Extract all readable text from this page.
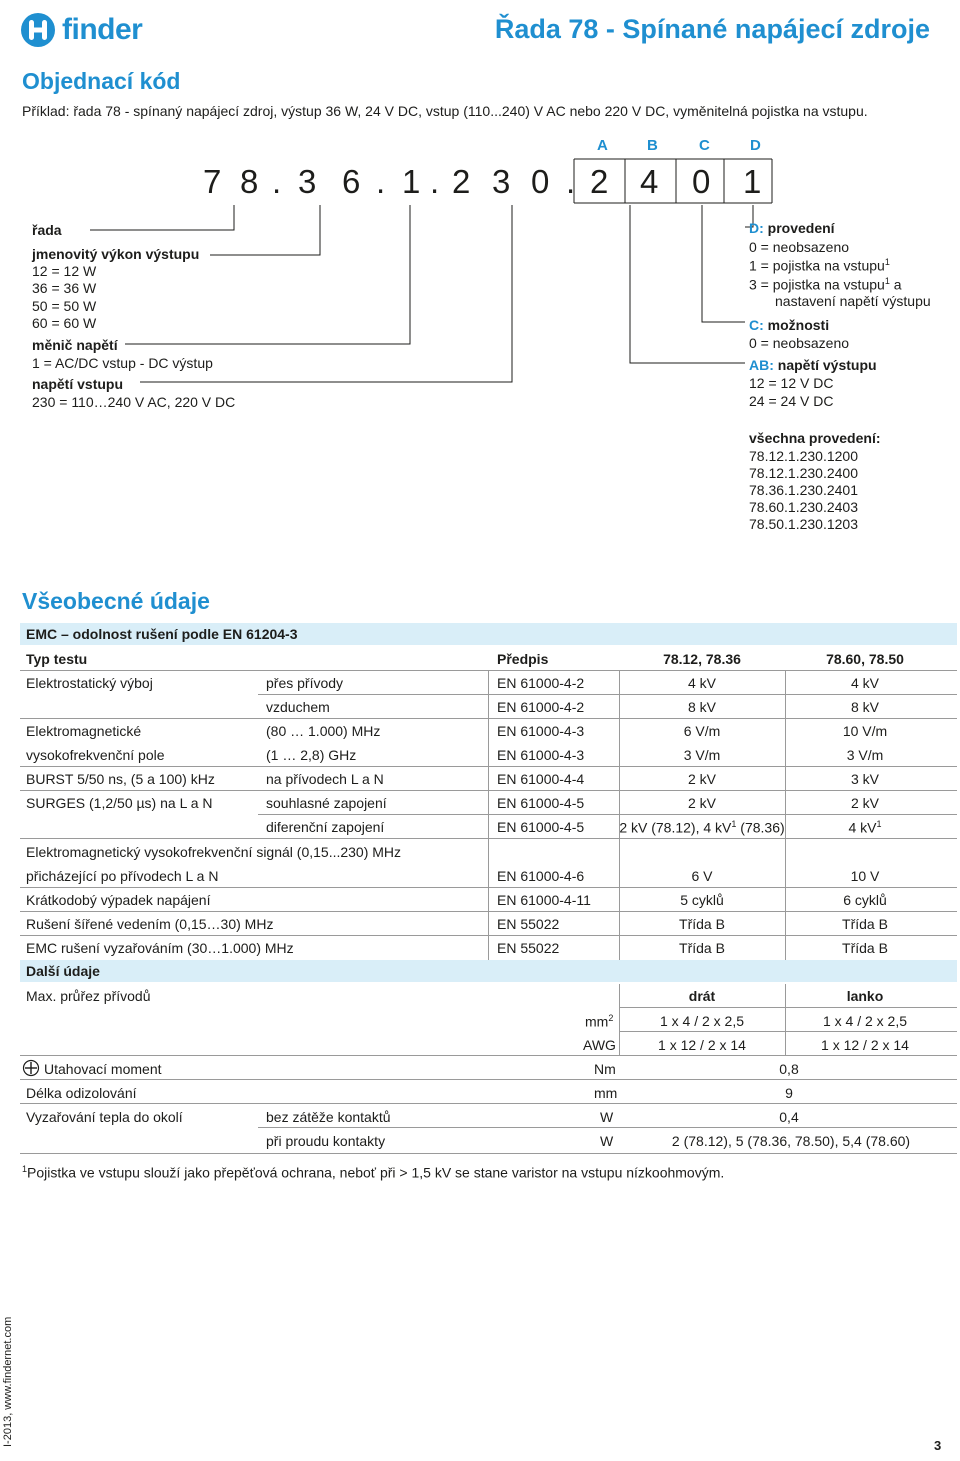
finder	Řada 78 - Spínané napájecí zdroje
Objednací kód
Příklad: řada 78 - spínaný napájecí zdroj, výstup 36 W, 24 V DC, vstup (110...240) V AC nebo 220 V DC, vyměnitelná pojistka na vstupu.
A	B	C	D
7 8 . 3 6 . 1 . 2 3 0 . 2 4 0 1
řada
jmenovitý výkon výstupu
12 = 12 W
36 = 36 W
50 = 50 W
60 = 60 W
měnič napětí
1 = AC/DC vstup - DC výstup
napětí vstupu
230 = 110…240 V AC, 220 V DC
D: provedení
0 = neobsazeno
1 = pojistka na vstupu$^1$
3 = pojistka na vstupu$^1$ a
nastavení napětí výstupu
C: možnosti
0 = neobsazeno
AB: napětí výstupu
12 = 12 V DC
24 = 24 V DC
všechna provedení:
78.12.1.230.1200
78.12.1.230.2400
78.36.1.230.2401
78.60.1.230.2403
78.50.1.230.1203
Všeobecné údaje
EMC – odolnost rušení podle EN 61204-3
Typ testu	Předpis	78.12, 78.36	78.60, 78.50
Elektrostatický výboj	přes přívody	EN 61000-4-2	4 kV	4 kV
vzduchem	EN 61000-4-2	8 kV	8 kV
Elektromagnetické	(80 … 1.000) MHz	EN 61000-4-3	6 V/m	10 V/m
vysokofrekvenční pole	(1 … 2,8) GHz	EN 61000-4-3	3 V/m	3 V/m
BURST 5/50 ns, (5 a 100) kHz	na přívodech L a N	EN 61000-4-4	2 kV	3 kV
SURGES (1,2/50 µs) na L a N	souhlasné zapojení	EN 61000-4-5	2 kV	2 kV
diferenční zapojení	EN 61000-4-5	2 kV (78.12), 4 $kV^1$ (78.36)	4 $kV^1$
Elektromagnetický vysokofrekvenční signál (0,15...230) MHz
přicházející po přívodech L a N	EN 61000-4-6	6 V	10 V
Krátkodobý výpadek napájení	EN 61000-4-11	5 cyklů	6 cyklů
Rušení šířené vedením (0,15…30) MHz	EN 55022	Třída B	Třída B
EMC rušení vyzařováním (30…1.000) MHz	EN 55022	Třída B	Třída B
Další údaje
Max. průřez přívodů	drát	lanko
$mm^2$	1 x 4 / 2 x 2,5	1 x 4 / 2 x 2,5
AWG	1 x 12 / 2 x 14	1 x 12 / 2 x 14
Utahovací moment	Nm	0,8
Délka odizolování	mm	9
Vyzařování tepla do okolí	bez zátěže kontaktů	W	0,4
při proudu kontakty	W	2 (78.12), 5 (78.36, 78.50), 5,4 (78.60)
$^1$Pojistka ve vstupu slouží jako přepěťová ochrana, neboť při > 1,5 kV se stane varistor na vstupu nízkoohmovým.
I-2013, www.findernet.com	3
